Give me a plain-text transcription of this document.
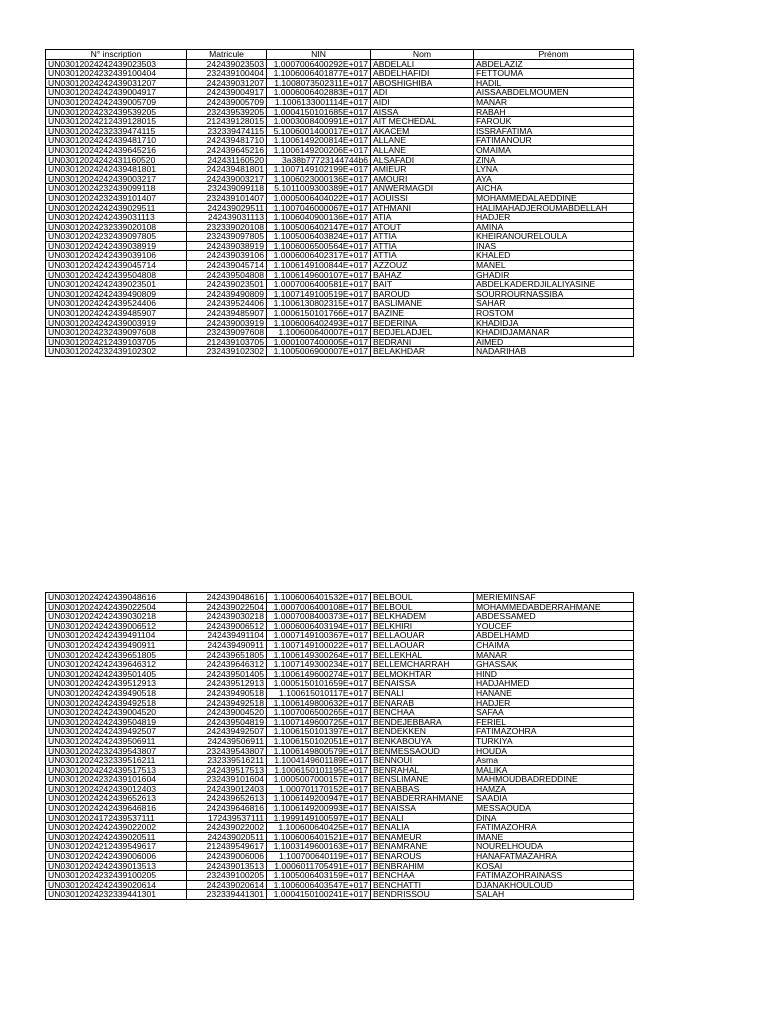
N° inscription	Matricule	NIN	Nom	Prénom
UN03012024242439023503	242439023503	1.0007006400292E+017	ABDELALI	ABDELAZIZ
UN03012024232439100404	232439100404	1.1006006401877E+017	ABDELHAFIDI	FETTOUMA
UN03012024242439031207	242439031207	1.1008073502311E+017	ABOSHIGHIBA	HADIL
UN03012024242439004917	242439004917	1.0006006402883E+017	ADI	AISSAABDELMOUMEN
UN03012024242439005709	242439005709	1.1006133001114E+017	AIDI	MANAR
UN03012024232439539205	232439539205	1.0004150101685E+017	AISSA	RABAH
UN03012024212439128015	212439128015	1.0003008400991E+017	AIT MECHEDAL	FAROUK
UN03012024232339474115	232339474115	5.1006001400017E+017	AKACEM	ISSRAFATIMA
UN03012024242439481710	242439481710	1.1006149200814E+017	ALLANE	FATIMANOUR
UN03012024242439645216	242439645216	1.1006149200206E+017	ALLANE	OMAIMA
UN03012024242431160520	242431160520	3a38b77723144744b6	ALSAFADI	ZINA
UN03012024242439481801	242439481801	1.1007149102199E+017	AMIEUR	LYNA
UN03012024242439003217	242439003217	1.1006023000136E+017	AMOURI	AYA
UN03012024232439099118	232439099118	5.1011009300389E+017	ANWERMAGDI	AICHA
UN03012024232439101407	232439101407	1.0005006404022E+017	AOUISSI	MOHAMMEDALAEDDINE
UN03012024242439029511	242439029511	1.1007046000067E+017	ATHMANI	HALIMAHADJEROUMABDELLAH
UN03012024242439031113	242439031113	1.1006040900136E+017	ATIA	HADJER
UN03012024232339020108	232339020108	1.1005006402147E+017	ATOUT	AMINA
UN03012024232439097805	232439097805	1.1005006403824E+017	ATTIA	KHEIRANOURELOULA
UN03012024242439038919	242439038919	1.1006006500564E+017	ATTIA	INAS
UN03012024242439039106	242439039106	1.0006006402317E+017	ATTIA	KHALED
UN03012024242439045714	242439045714	1.1006149100844E+017	AZZOUZ	MANEL
UN03012024242439504808	242439504808	1.1006149600107E+017	BAHAZ	GHADIR
UN03012024242439023501	242439023501	1.0007006400581E+017	BAIT	ABDELKADERDJILALIYASINE
UN03012024242439490809	242439490809	1.1007149100519E+017	BAROUD	SOURROURNASSIBA
UN03012024242439524406	242439524406	1.1006130802315E+017	BASLIMANE	SAHAR
UN03012024242439485907	242439485907	1.0006150101766E+017	BAZINE	ROSTOM
UN03012024242439003919	242439003919	1.1006006402493E+017	BEDERINA	KHADIDJA
UN03012024232439097608	232439097608	1.100600640007E+017	BEDJELADJEL	KHADIDJAMANAR
UN03012024212439103705	212439103705	1.0001007400005E+017	BEDRANI	AIMED
UN03012024232439102302	232439102302	1.1005006900007E+017	BELAKHDAR	NADARIHAB
UN03012024242439048616	242439048616	1.1006006401532E+017	BELBOUL	MERIEMINSAF
UN03012024242439022504	242439022504	1.0007006400108E+017	BELBOUL	MOHAMMEDABDERRAHMANE
UN03012024242439030218	242439030218	1.0007008400373E+017	BELKHADEM	ABDESSAMED
UN03012024242439006512	242439006512	1.0006006403194E+017	BELKHIRI	YOUCEF
UN03012024242439491104	242439491104	1.0007149100367E+017	BELLAOUAR	ABDELHAMD
UN03012024242439490911	242439490911	1.1007149100022E+017	BELLAOUAR	CHAIMA
UN03012024242439651805	242439651805	1.1006149300264E+017	BELLEKHAL	MANAR
UN03012024242439646312	242439646312	1.1007149300234E+017	BELLEMCHARRAH	GHASSAK
UN03012024242439501405	242439501405	1.1006149600274E+017	BELMOKHTAR	HIND
UN03012024242439512913	242439512913	1.0005150101659E+017	BENAISSA	HADJAHMED
UN03012024242439490518	242439490518	1.100615010117E+017	BENALI	HANANE
UN03012024242439492518	242439492518	1.1006149800632E+017	BENARAB	HADJER
UN03012024242439004520	242439004520	1.1007006500265E+017	BENCHAA	SAFAA
UN03012024242439504819	242439504819	1.1007149600725E+017	BENDEJEBBARA	FERIEL
UN03012024242439492507	242439492507	1.1006150101397E+017	BENDEKKEN	FATIMAZOHRA
UN03012024242439506911	242439506911	1.1006150102051E+017	BENKABOUYA	TURKIYA
UN03012024232439543807	232439543807	1.1006149800579E+017	BENMESSAOUD	HOUDA
UN03012024232339516211	232339516211	1.1004149601189E+017	BENNOUI	Asma
UN03012024242439517513	242439517513	1.1006150101195E+017	BENRAHAL	MALIKA
UN03012024232439101604	232439101604	1.0005007000157E+017	BENSLIMANE	MAHMOUDBADREDDINE
UN03012024242439012403	242439012403	1.000701170152E+017	BENABBAS	HAMZA
UN03012024242439652613	242439652613	1.1006149200947E+017	BENABDERRAHMANE	SAADIA
UN03012024242439646816	242439646816	1.1006149200993E+017	BENAISSA	MESSAOUDA
UN03012024172439537111	172439537111	1.1999149100597E+017	BENALI	DINA
UN03012024242439022002	242439022002	1.100600640425E+017	BENALIA	FATIMAZOHRA
UN03012024242439020511	242439020511	1.1006006401521E+017	BENAMEUR	IMANE
UN03012024212439549617	212439549617	1.1003149600163E+017	BENAMRANE	NOURELHOUDA
UN03012024242439006006	242439006006	1.100700640119E+017	BENAROUS	HANAFATMAZAHRA
UN03012024242439013513	242439013513	1.0006011705491E+017	BENBRAHIM	KOSAI
UN03012024232439100205	232439100205	1.1005006403159E+017	BENCHAA	FATIMAZOHRAINASS
UN03012024242439020614	242439020614	1.1006006403547E+017	BENCHATTI	DJANAKHOULOUD
UN03012024232339441301	232339441301	1.0004150100241E+017	BENDRISSOU	SALAH
